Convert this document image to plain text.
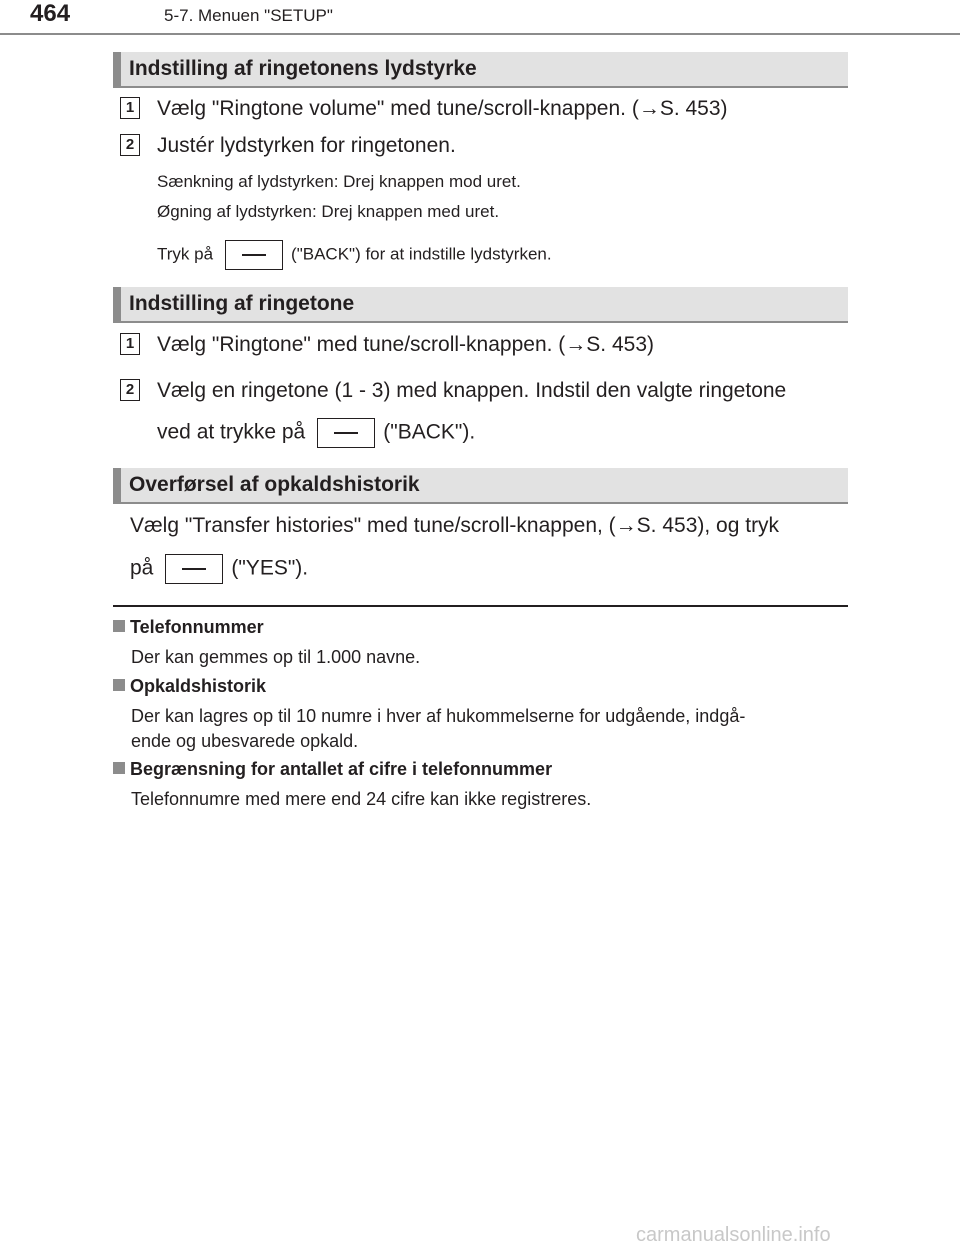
464	5-7. Menuen "SETUP"
Indstilling af ringetonens lydstyrke
1 Vælg "Ringtone volume" med tune/scroll-knappen. (→S. 453)
2 Justér lydstyrken for ringetonen.
Sænkning af lydstyrken: Drej knappen mod uret.
Øgning af lydstyrken: Drej knappen med uret.
Tryk på	("BACK") for at indstille lydstyrken.
Indstilling af ringetone
1 Vælg "Ringtone" med tune/scroll-knappen. (→S. 453)
2 Vælg en ringetone (1 - 3) med knappen. Indstil den valgte ringetone
ved at trykke på	("BACK").
Overførsel af opkaldshistorik
Vælg "Transfer histories" med tune/scroll-knappen, (→S. 453), og tryk
på	("YES").
Telefonnummer
Der kan gemmes op til 1.000 navne.
Opkaldshistorik
Der kan lagres op til 10 numre i hver af hukommelserne for udgående, indgå-
ende og ubesvarede opkald.
Begrænsning for antallet af cifre i telefonnummer
Telefonnumre med mere end 24 cifre kan ikke registreres.
carmanualsonline.info
